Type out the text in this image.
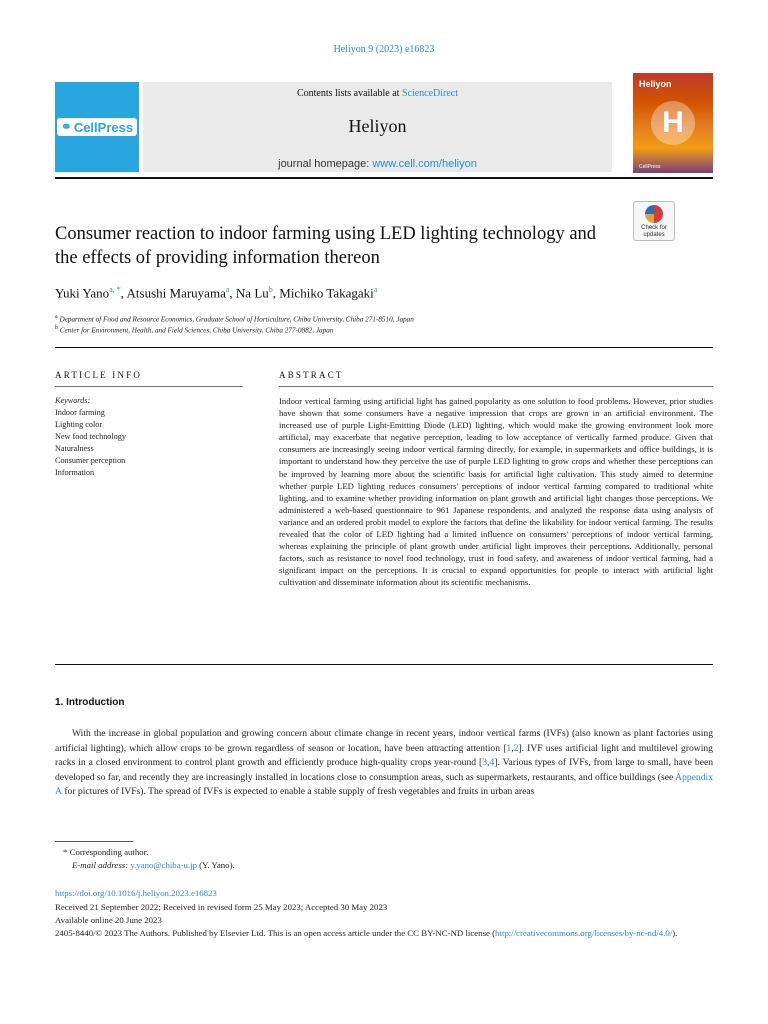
Heliyon 9 (2023) e16823
⚭ CellPress
Contents lists available at ScienceDirect
Heliyon
journal homepage: www.cell.com/heliyon
Heliyon
H
CellPress
Check for updates
Consumer reaction to indoor farming using LED lighting technology and the effects of providing information thereon
Yuki Yano$^{a, *}$, Atsushi Maruyama$^a$, Na Lu$^b$, Michiko Takagaki$^a$
$^a$ Department of Food and Resource Economics, Graduate School of Horticulture, Chiba University, Chiba 271-8510, Japan
$^b$ Center for Environment, Health, and Field Sciences, Chiba University, Chiba 277-0882, Japan
ARTICLE INFO	ABSTRACT
Keywords:
Indoor farming
Lighting color
New food technology
Naturalness
Consumer perception
Information
Indoor vertical farming using artificial light has gained popularity as one solution to food problems. However, prior studies have shown that some consumers have a negative impression that crops are grown in an artificial environment. The increased use of purple Light-Emitting Diode (LED) lighting, which would make the growing environment look more artificial, may exacerbate that negative perception, leading to low acceptance of vertically farmed produce. Given that consumers are increasingly seeing indoor vertical farming directly, for example, in supermarkets and office buildings, it is important to understand how they perceive the use of purple LED lighting to grow crops and whether these perceptions can be improved by learning more about the scientific basis for artificial light cultivation. This study aimed to determine whether purple LED lighting reduces consumers' perceptions of indoor vertical farming compared to traditional white lighting, and to examine whether providing information on plant growth and artificial light changes those perceptions. We administered a web-based questionnaire to 961 Japanese respondents, and analyzed the response data using analysis of variance and an ordered probit model to explore the factors that define the likability for indoor vertical farming. The results revealed that the color of LED lighting had a limited influence on consumers' perceptions of indoor vertical farming, whereas explaining the principle of plant growth under artificial light improves their perceptions. Additionally, personal factors, such as resistance to novel food technology, trust in food safety, and awareness of indoor vertical farming, had a significant impact on the perceptions. It is crucial to expand opportunities for people to interact with artificial light cultivation and disseminate information about its scientific mechanisms.
1. Introduction
With the increase in global population and growing concern about climate change in recent years, indoor vertical farms (IVFs) (also known as plant factories using artificial lighting), which allow crops to be grown regardless of season or location, have been attracting attention [1,2]. IVF uses artificial light and multilevel growing racks in a closed environment to control plant growth and efficiently produce high-quality crops year-round [3,4]. Various types of IVFs, from large to small, have been developed so far, and recently they are increasingly installed in locations close to consumption areas, such as supermarkets, restaurants, and office buildings (see Appendix A for pictures of IVFs). The spread of IVFs is expected to enable a stable supply of fresh vegetables and fruits in urban areas
* Corresponding author.
E-mail address: y.yano@chiba-u.jp (Y. Yano).
https://doi.org/10.1016/j.heliyon.2023.e16823
Received 21 September 2022; Received in revised form 25 May 2023; Accepted 30 May 2023
Available online 20 June 2023
2405-8440/© 2023 The Authors. Published by Elsevier Ltd. This is an open access article under the CC BY-NC-ND license (http://creativecommons.org/licenses/by-nc-nd/4.0/).
